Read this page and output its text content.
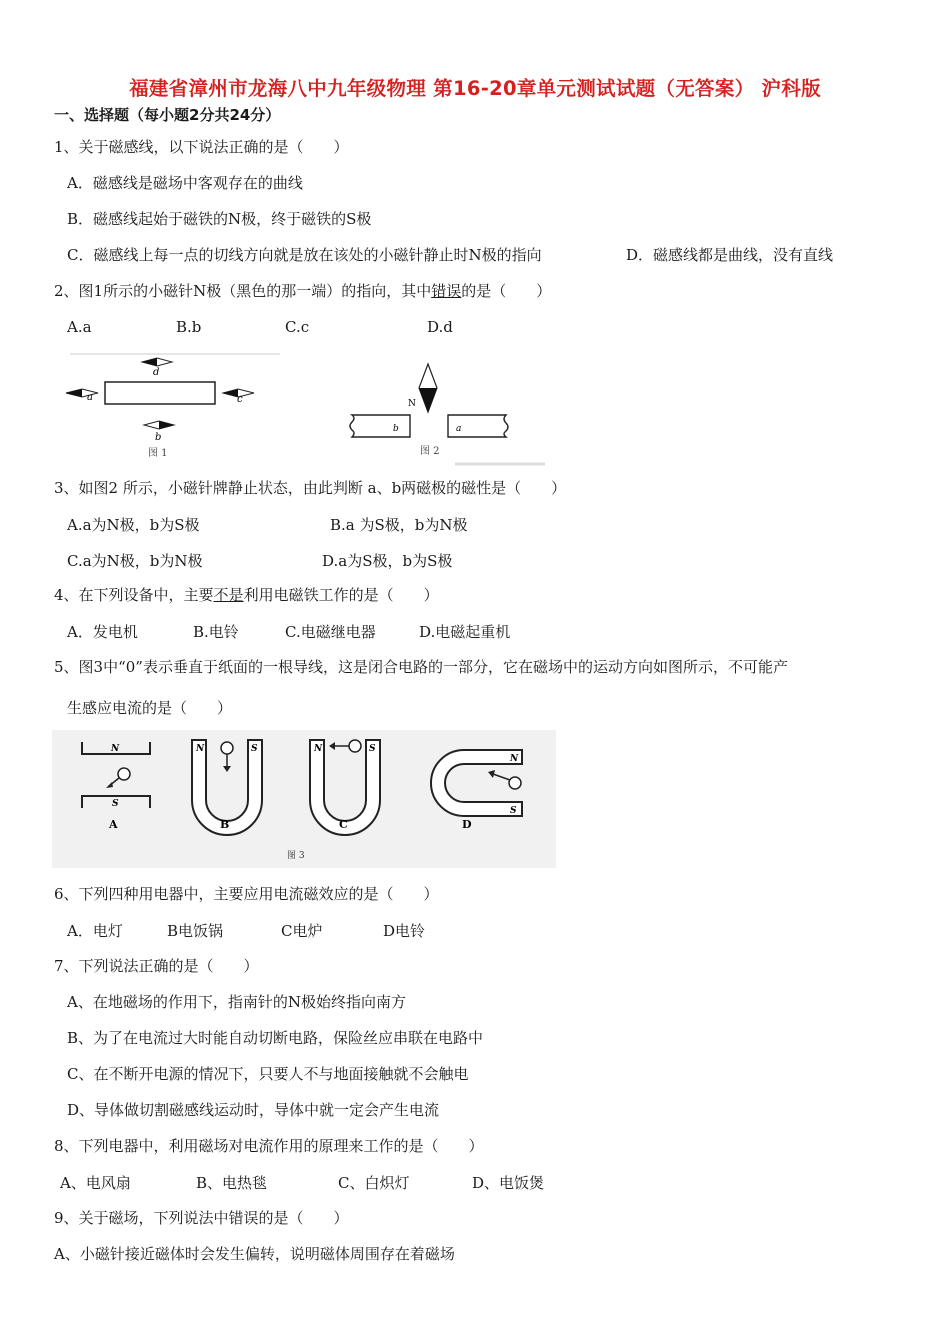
福建省漳州市龙海八中九年级物理 第16-20章单元测试试题（无答案） 沪科版
一、选择题（每小题2分共24分）
1、关于磁感线，以下说法正确的是（　　）
A．磁感线是磁场中客观存在的曲线
B．磁感线起始于磁铁的N极，终于磁铁的S极
C．磁感线上每一点的切线方向就是放在该处的小磁针静止时N极的指向	D．磁感线都是曲线，没有直线
2、图1所示的小磁针N极（黑色的那一端）的指向，其中错误的是（　　）
A.a	B.b	C.c	D.d
d
a	c
b
图 1
N
b	a
图 2
3、如图2 所示，小磁针牌静止状态，由此判断 a、b两磁极的磁性是（　　）
A.a为N极，b为S极	B.a 为S极，b为N极
C.a为N极，b为N极	D.a为S极，b为S极
4、在下列设备中，主要不是利用电磁铁工作的是（　　）
A．发电机	B.电铃	C.电磁继电器	D.电磁起重机
5、图3中“0”表示垂直于纸面的一根导线，这是闭合电路的一部分，它在磁场中的运动方向如图所示，不可能产
生感应电流的是（　　）
N
S
A
N	S
B
N	S
C
N
S
D
图 3
6、下列四种用电器中，主要应用电流磁效应的是（　　）
A．电灯	B电饭锅	C电炉	D电铃
7、下列说法正确的是（　　）
A、在地磁场的作用下，指南针的N极始终指向南方
B、为了在电流过大时能自动切断电路，保险丝应串联在电路中
C、在不断开电源的情况下，只要人不与地面接触就不会触电
D、导体做切割磁感线运动时，导体中就一定会产生电流
8、下列电器中，利用磁场对电流作用的原理来工作的是（　　）
A、电风扇	B、电热毯	C、白炽灯	D、电饭煲
9、关于磁场，下列说法中错误的是（　　）
A、小磁针接近磁体时会发生偏转，说明磁体周围存在着磁场
